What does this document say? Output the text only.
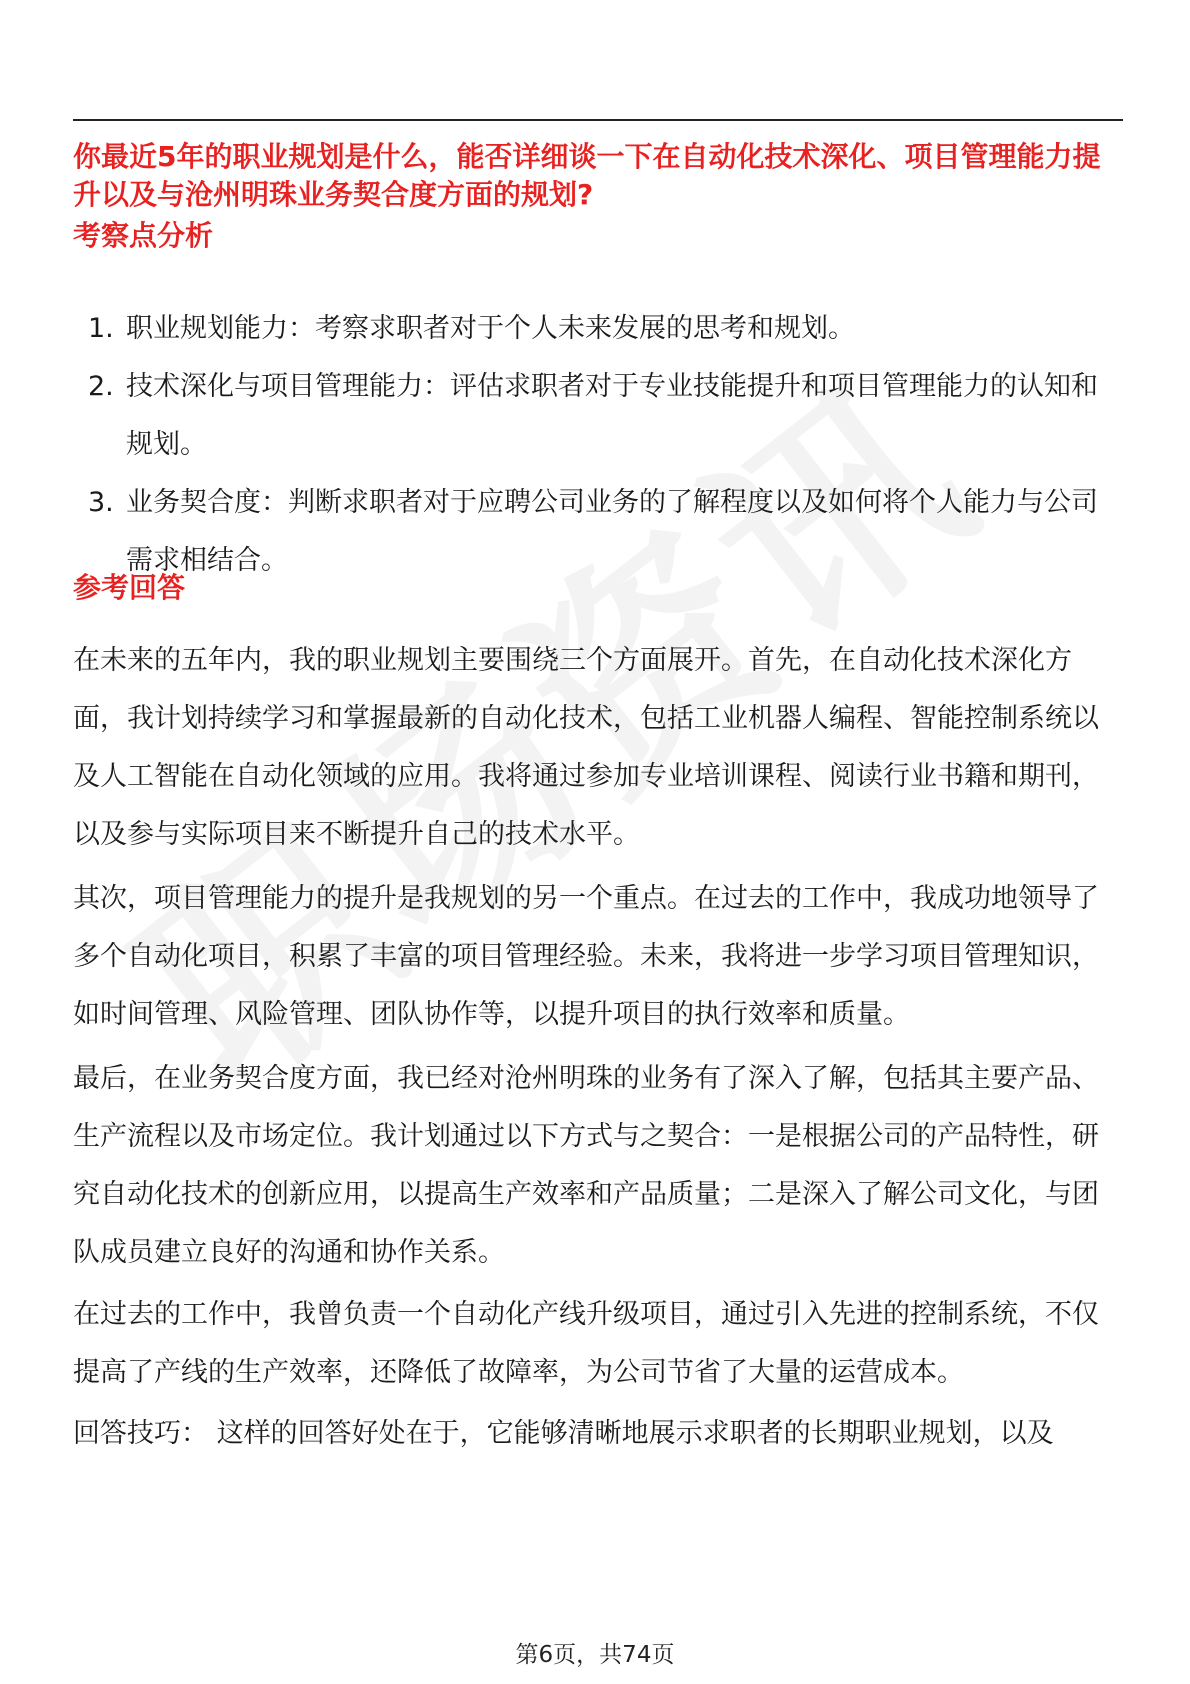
你最近5年的职业规划是什么，能否详细谈一下在自动化技术深化、项目管理能力提升以及与沧州明珠业务契合度方面的规划?
考察点分析
1. 职业规划能力：考察求职者对于个人未来发展的思考和规划。
2. 技术深化与项目管理能力：评估求职者对于专业技能提升和项目管理能力的认知和规划。
3. 业务契合度：判断求职者对于应聘公司业务的了解程度以及如何将个人能力与公司需求相结合。
参考回答

在未来的五年内，我的职业规划主要围绕三个方面展开。首先，在自动化技术深化方面，我计划持续学习和掌握最新的自动化技术，包括工业机器人编程、智能控制系统以及人工智能在自动化领域的应用。我将通过参加专业培训课程、阅读行业书籍和期刊，以及参与实际项目来不断提升自己的技术水平。

其次，项目管理能力的提升是我规划的另一个重点。在过去的工作中，我成功地领导了多个自动化项目，积累了丰富的项目管理经验。未来，我将进一步学习项目管理知识，如时间管理、风险管理、团队协作等，以提升项目的执行效率和质量。

最后，在业务契合度方面，我已经对沧州明珠的业务有了深入了解，包括其主要产品、生产流程以及市场定位。我计划通过以下方式与之契合：一是根据公司的产品特性，研究自动化技术的创新应用，以提高生产效率和产品质量；二是深入了解公司文化，与团队成员建立良好的沟通和协作关系。

在过去的工作中，我曾负责一个自动化产线升级项目，通过引入先进的控制系统，不仅提高了产线的生产效率，还降低了故障率，为公司节省了大量的运营成本。

回答技巧： 这样的回答好处在于，它能够清晰地展示求职者的长期职业规划，以及

第6页，共74页
